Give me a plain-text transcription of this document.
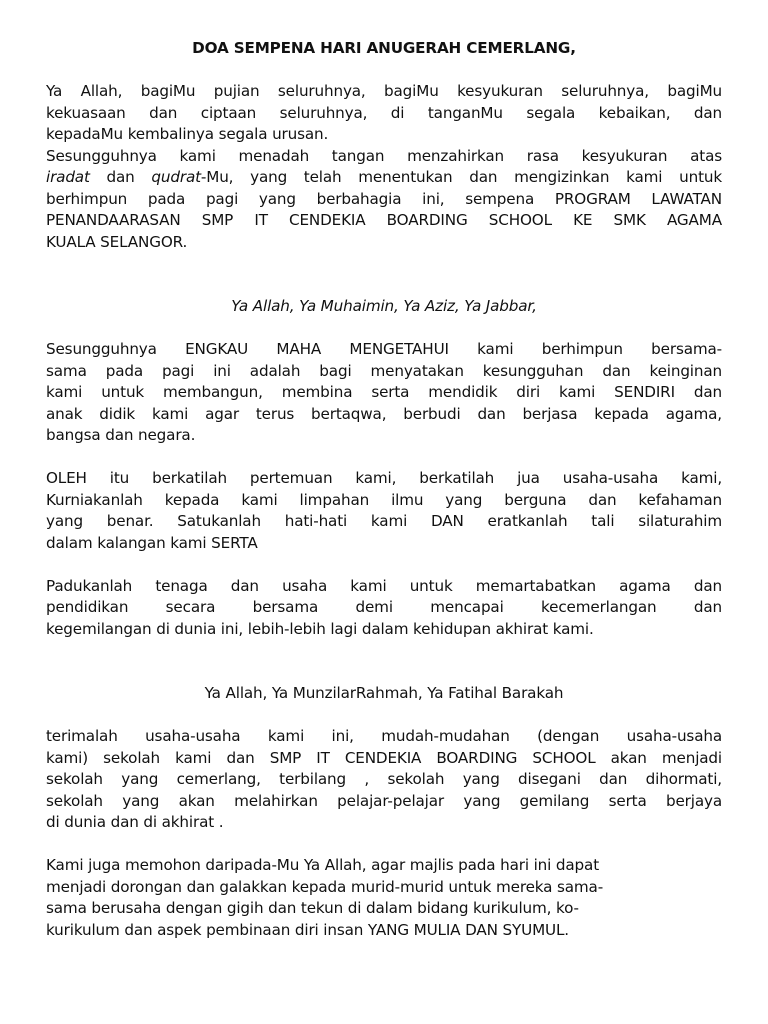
DOA SEMPENA HARI ANUGERAH CEMERLANG,

Ya Allah, bagiMu pujian seluruhnya, bagiMu kesyukuran seluruhnya, bagiMu
kekuasaan dan ciptaan seluruhnya, di tanganMu segala kebaikan, dan
kepadaMu kembalinya segala urusan.
Sesungguhnya kami menadah tangan menzahirkan rasa kesyukuran atas
iradat dan qudrat-Mu, yang telah menentukan dan mengizinkan kami untuk
berhimpun pada pagi yang berbahagia ini, sempena PROGRAM LAWATAN
PENANDAARASAN SMP IT CENDEKIA BOARDING SCHOOL KE SMK AGAMA
KUALA SELANGOR.

Ya Allah, Ya Muhaimin, Ya Aziz, Ya Jabbar,

Sesungguhnya ENGKAU MAHA MENGETAHUI kami berhimpun bersama-
sama pada pagi ini adalah bagi menyatakan kesungguhan dan keinginan
kami untuk membangun, membina serta mendidik diri kami SENDIRI dan
anak didik kami agar terus bertaqwa, berbudi dan berjasa kepada agama,
bangsa dan negara.
OLEH itu berkatilah pertemuan kami, berkatilah jua usaha-usaha kami,
Kurniakanlah kepada kami limpahan ilmu yang berguna dan kefahaman
yang benar. Satukanlah hati-hati kami DAN eratkanlah tali silaturahim
dalam kalangan kami SERTA
Padukanlah tenaga dan usaha kami untuk memartabatkan agama dan
pendidikan secara bersama demi mencapai kecemerlangan dan
kegemilangan di dunia ini, lebih-lebih lagi dalam kehidupan akhirat kami.

Ya Allah, Ya MunzilarRahmah, Ya Fatihal Barakah

terimalah usaha-usaha kami ini, mudah-mudahan (dengan usaha-usaha
kami) sekolah kami dan SMP IT CENDEKIA BOARDING SCHOOL akan menjadi
sekolah yang cemerlang, terbilang , sekolah yang disegani dan dihormati,
sekolah yang akan melahirkan pelajar-pelajar yang gemilang serta berjaya
di dunia dan di akhirat .
Kami juga memohon daripada-Mu Ya Allah, agar majlis pada hari ini dapat
menjadi dorongan dan galakkan kepada murid-murid untuk mereka sama-
sama berusaha dengan gigih dan tekun di dalam bidang kurikulum, ko-
kurikulum dan aspek pembinaan diri insan YANG MULIA DAN SYUMUL.
